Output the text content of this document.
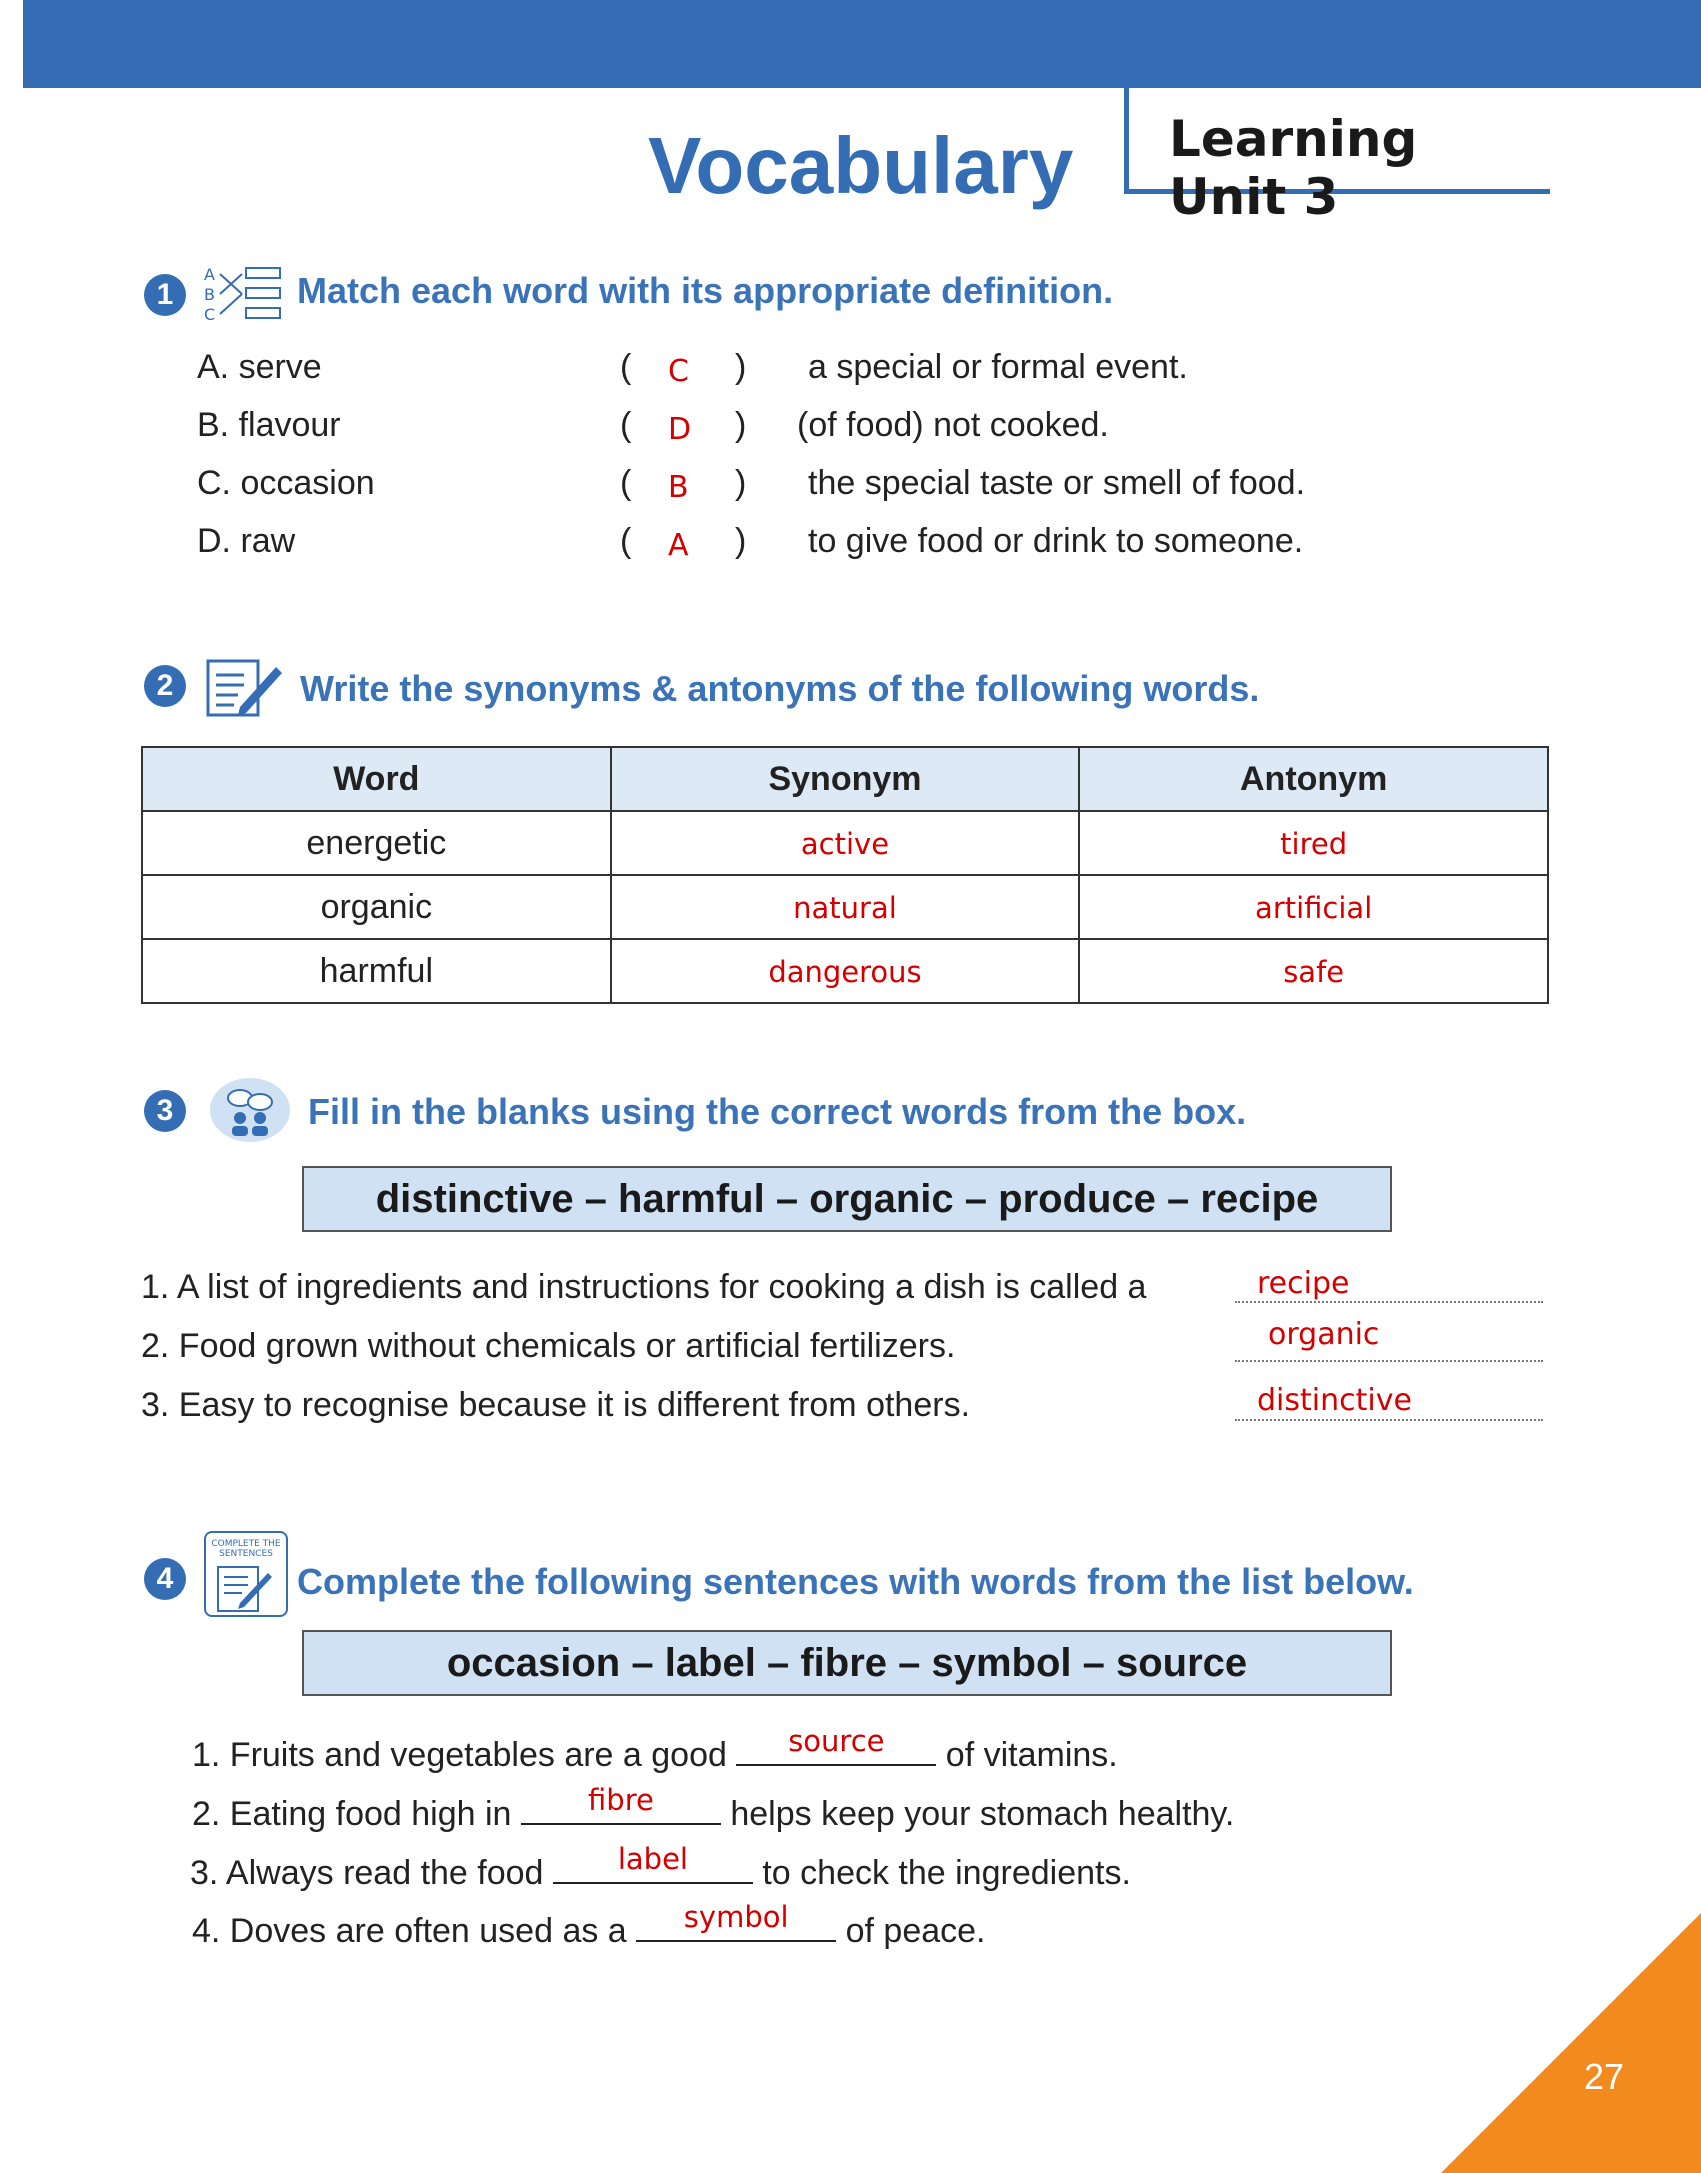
Learning Unit 3
Vocabulary
1
A
B
C
Match each word with its appropriate definition.
A. serve	( C ) a special or formal event.
B. flavour	( D ) (of food) not cooked.
C. occasion	( B ) the special taste or smell of food.
D. raw	( A ) to give food or drink to someone.
2	Write the synonyms & antonyms of the following words.
Word	Synonym	Antonym
energetic	active	tired
organic	natural	artificial
harmful	dangerous	safe
3	Fill in the blanks using the correct words from the box.
distinctive – harmful – organic – produce – recipe
1. A list of ingredients and instructions for cooking a dish is called a	recipe
2. Food grown without chemicals or artificial fertilizers.	organic
3. Easy to recognise because it is different from others.	distinctive
4
COMPLETE THE SENTENCES
Complete the following sentences with words from the list below.
occasion – label – fibre – symbol – source
1. Fruits and vegetables are a good	source	of vitamins.
2. Eating food high in	fibre	helps keep your stomach healthy.
3. Always read the food	label	to check the ingredients.
4. Doves are often used as a	symbol	of peace.
27
